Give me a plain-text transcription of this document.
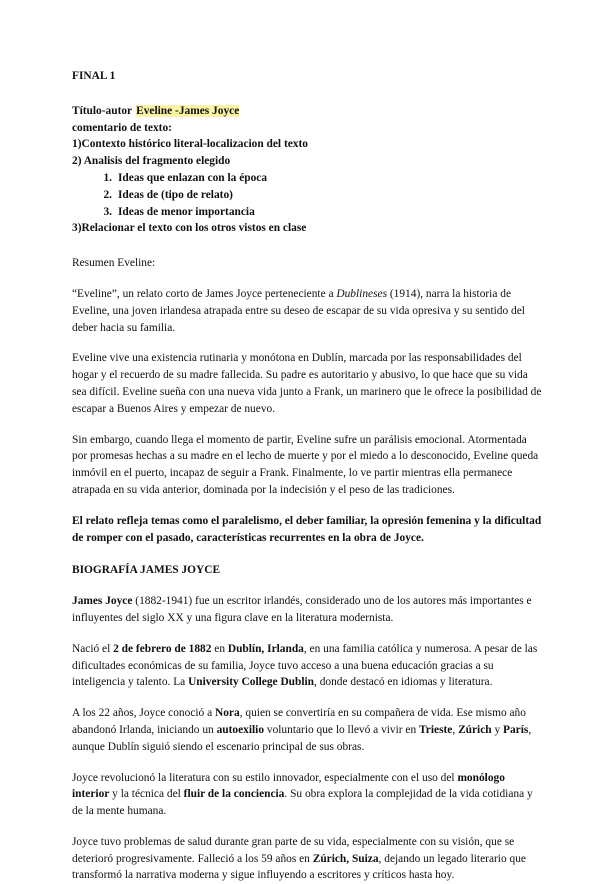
FINAL 1

Título-autor Eveline -James Joyce
comentario de texto:
1)Contexto histórico literal-localizacion del texto
2) Analisis del fragmento elegido
1. Ideas que enlazan con la época
2. Ideas de (tipo de relato)
3. Ideas de menor importancia
3)Relacionar el texto con los otros vistos en clase

Resumen Eveline:

“Eveline”, un relato corto de James Joyce perteneciente a Dublineses (1914), narra la historia de Eveline, una joven irlandesa atrapada entre su deseo de escapar de su vida opresiva y su sentido del deber hacia su familia.

Eveline vive una existencia rutinaria y monótona en Dublín, marcada por las responsabilidades del hogar y el recuerdo de su madre fallecida. Su padre es autoritario y abusivo, lo que hace que su vida sea difícil. Eveline sueña con una nueva vida junto a Frank, un marinero que le ofrece la posibilidad de escapar a Buenos Aires y empezar de nuevo.

Sin embargo, cuando llega el momento de partir, Eveline sufre un parálisis emocional. Atormentada por promesas hechas a su madre en el lecho de muerte y por el miedo a lo desconocido, Eveline queda inmóvil en el puerto, incapaz de seguir a Frank. Finalmente, lo ve partir mientras ella permanece atrapada en su vida anterior, dominada por la indecisión y el peso de las tradiciones.

El relato refleja temas como el paralelismo, el deber familiar, la opresión femenina y la dificultad de romper con el pasado, características recurrentes en la obra de Joyce.

BIOGRAFÍA JAMES JOYCE

James Joyce (1882-1941) fue un escritor irlandés, considerado uno de los autores más importantes e influyentes del siglo XX y una figura clave en la literatura modernista.

Nació el 2 de febrero de 1882 en Dublín, Irlanda, en una familia católica y numerosa. A pesar de las dificultades económicas de su familia, Joyce tuvo acceso a una buena educación gracias a su inteligencia y talento. La University College Dublin, donde destacó en idiomas y literatura.

A los 22 años, Joyce conoció a Nora, quien se convertiría en su compañera de vida. Ese mismo año abandonó Irlanda, iniciando un autoexilio voluntario que lo llevó a vivir en Trieste, Zúrich y París, aunque Dublín siguió siendo el escenario principal de sus obras.

Joyce revolucionó la literatura con su estilo innovador, especialmente con el uso del monólogo interior y la técnica del fluir de la conciencia. Su obra explora la complejidad de la vida cotidiana y de la mente humana.

Joyce tuvo problemas de salud durante gran parte de su vida, especialmente con su visión, que se deterioró progresivamente. Falleció a los 59 años en Zúrich, Suiza, dejando un legado literario que transformó la narrativa moderna y sigue influyendo a escritores y críticos hasta hoy.
